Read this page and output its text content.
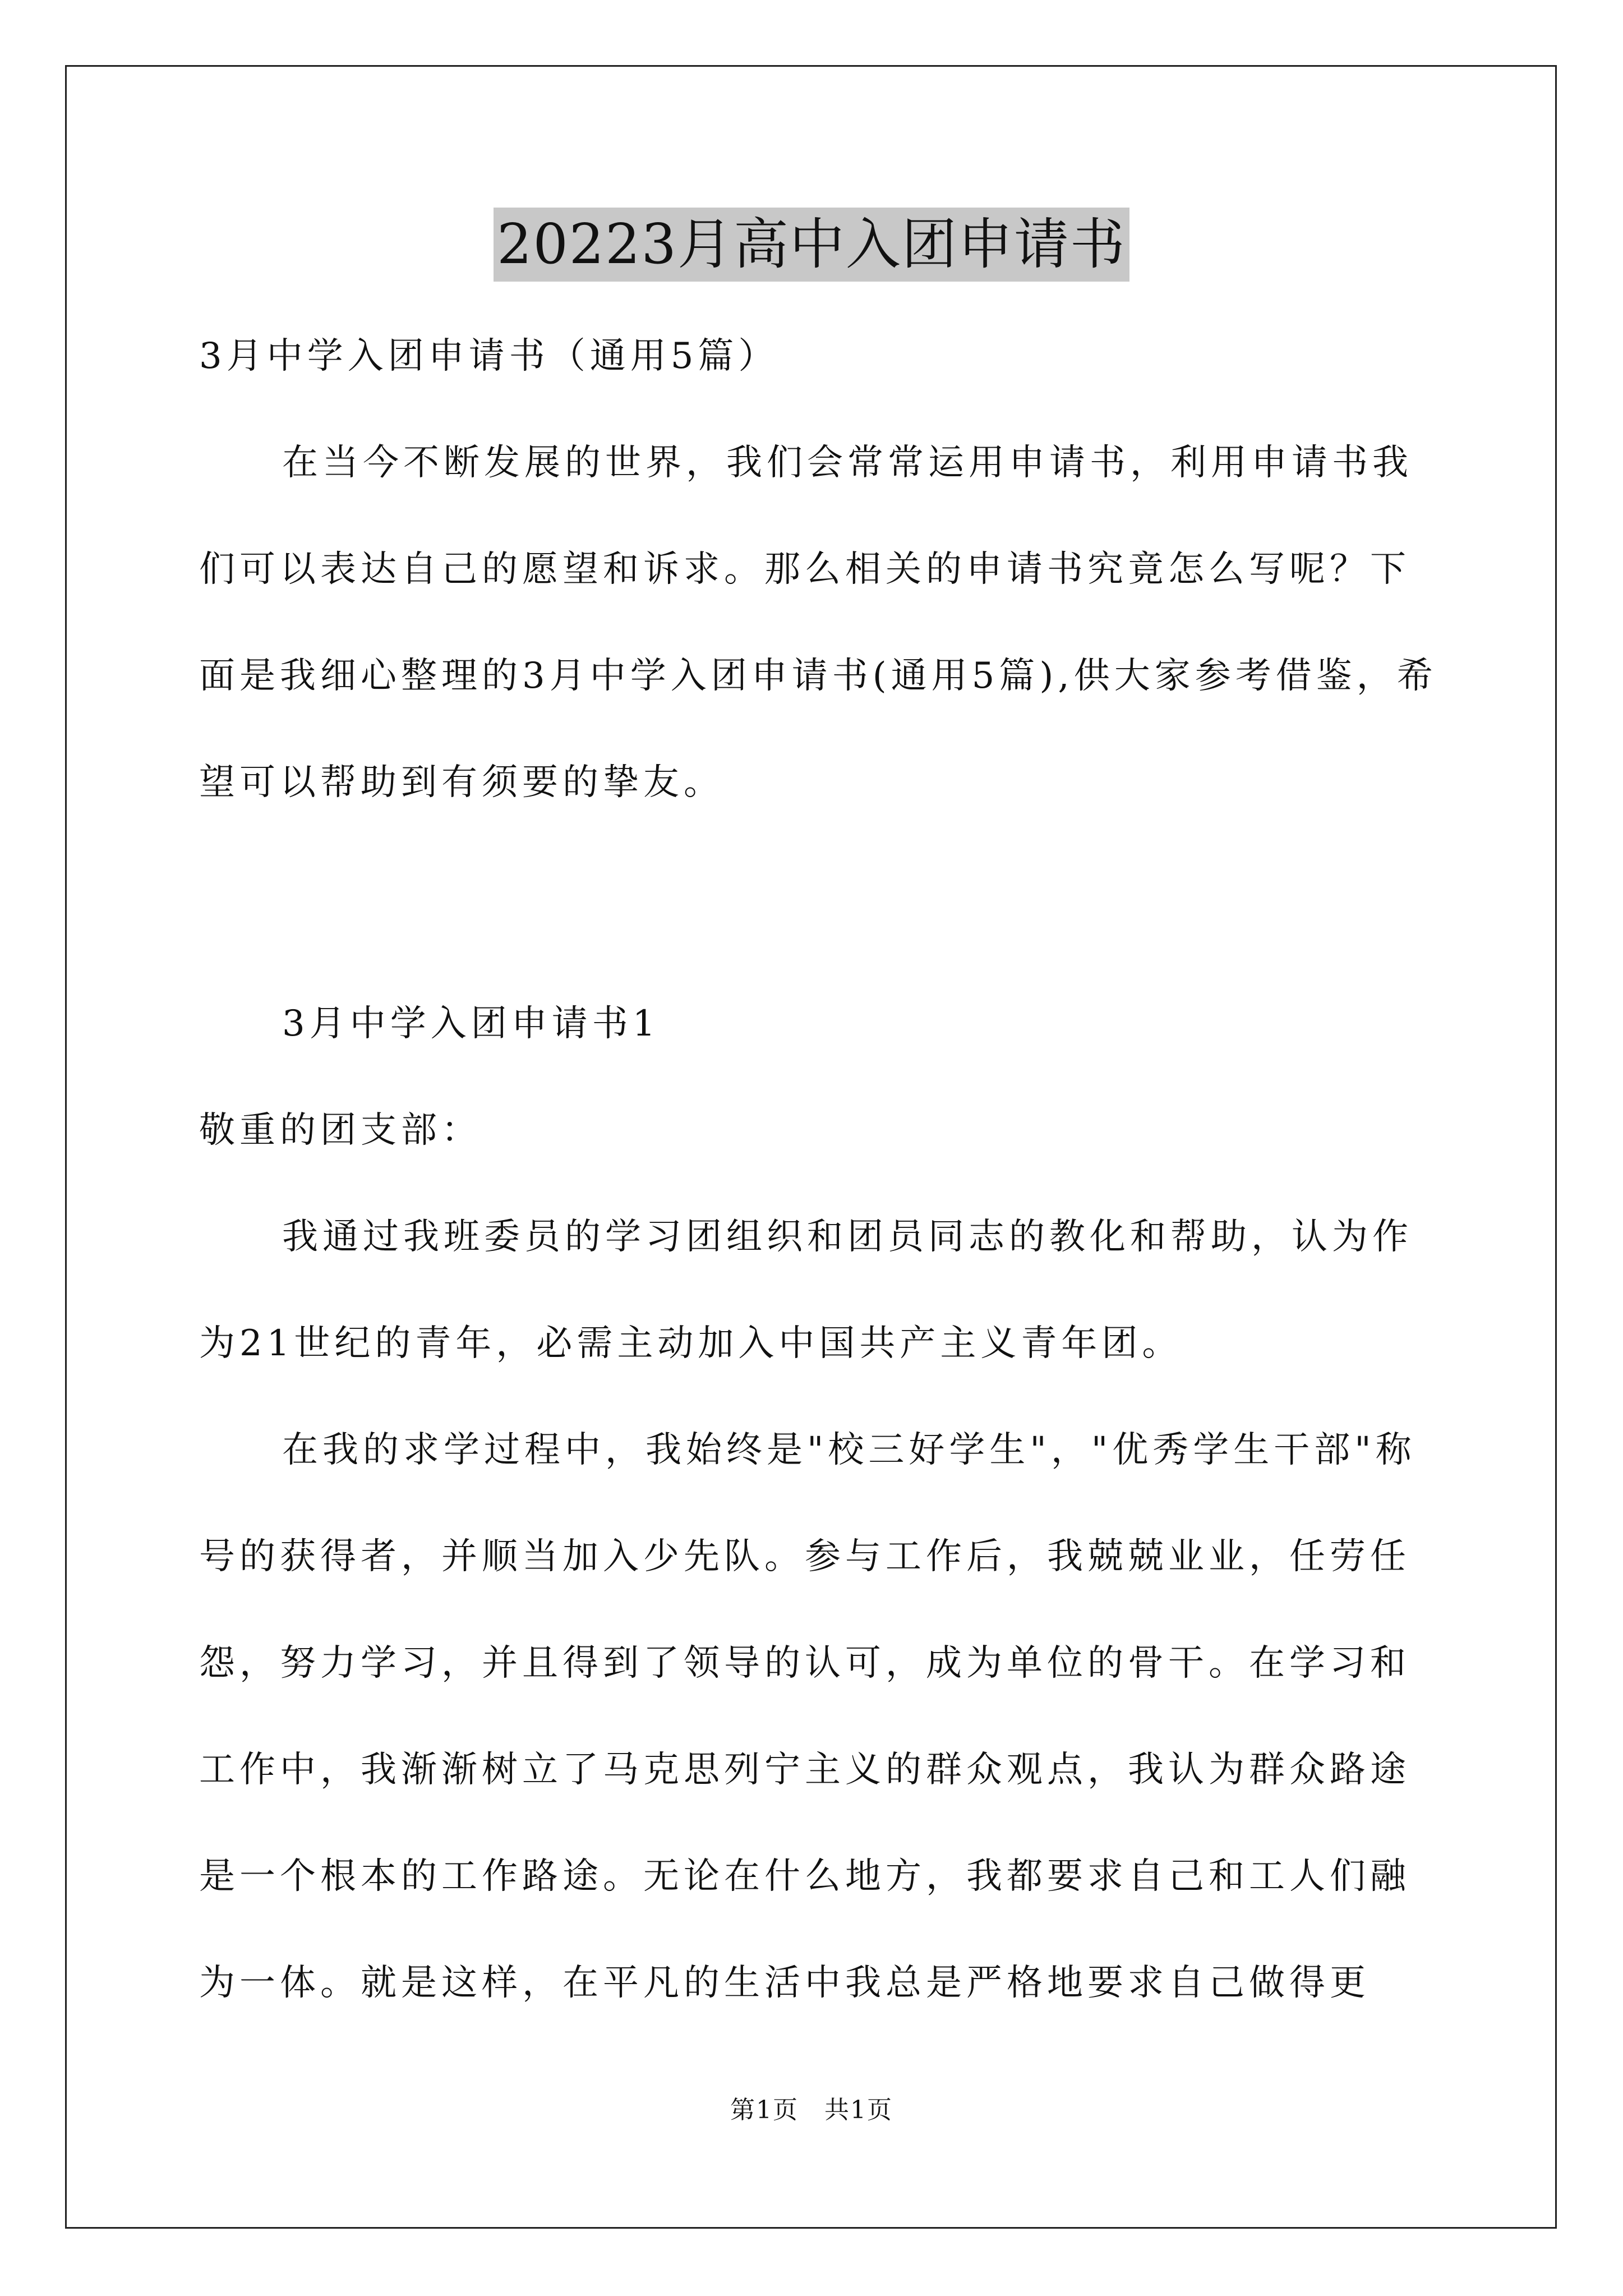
20223月高中入团申请书
3月中学入团申请书（通用5篇）
在当今不断发展的世界，我们会常常运用申请书，利用申请书我们可以表达自己的愿望和诉求。那么相关的申请书究竟怎么写呢？下面是我细心整理的3月中学入团申请书(通用5篇),供大家参考借鉴，希望可以帮助到有须要的挚友。
3月中学入团申请书1
敬重的团支部：
我通过我班委员的学习团组织和团员同志的教化和帮助，认为作为21世纪的青年，必需主动加入中国共产主义青年团。
在我的求学过程中，我始终是"校三好学生"，"优秀学生干部"称号的获得者，并顺当加入少先队。参与工作后，我兢兢业业，任劳任怨，努力学习，并且得到了领导的认可，成为单位的骨干。在学习和工作中，我渐渐树立了马克思列宁主义的群众观点，我认为群众路途是一个根本的工作路途。无论在什么地方，我都要求自己和工人们融为一体。就是这样，在平凡的生活中我总是严格地要求自己做得更
第1页　共1页
